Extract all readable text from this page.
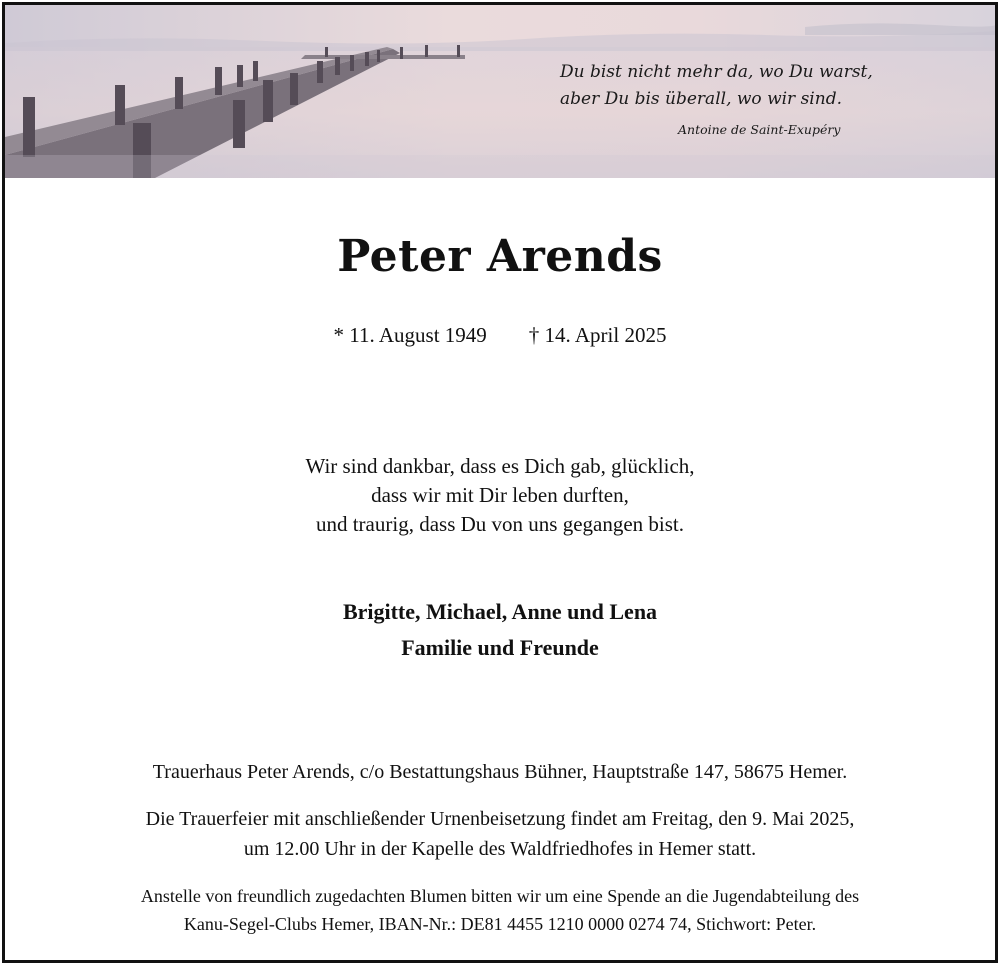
Du bist nicht mehr da, wo Du warst,
aber Du bis überall, wo wir sind.
Antoine de Saint-Exupéry
Peter Arends
* 11. August 1949 † 14. April 2025
Wir sind dankbar, dass es Dich gab, glücklich,
dass wir mit Dir leben durften,
und traurig, dass Du von uns gegangen bist.
Brigitte, Michael, Anne und Lena
Familie und Freunde
Trauerhaus Peter Arends, c/o Bestattungshaus Bühner, Hauptstraße 147, 58675 Hemer.
Die Trauerfeier mit anschließender Urnenbeisetzung findet am Freitag, den 9. Mai 2025,
um 12.00 Uhr in der Kapelle des Waldfriedhofes in Hemer statt.
Anstelle von freundlich zugedachten Blumen bitten wir um eine Spende an die Jugendabteilung des
Kanu-Segel-Clubs Hemer, IBAN-Nr.: DE81 4455 1210 0000 0274 74, Stichwort: Peter.
